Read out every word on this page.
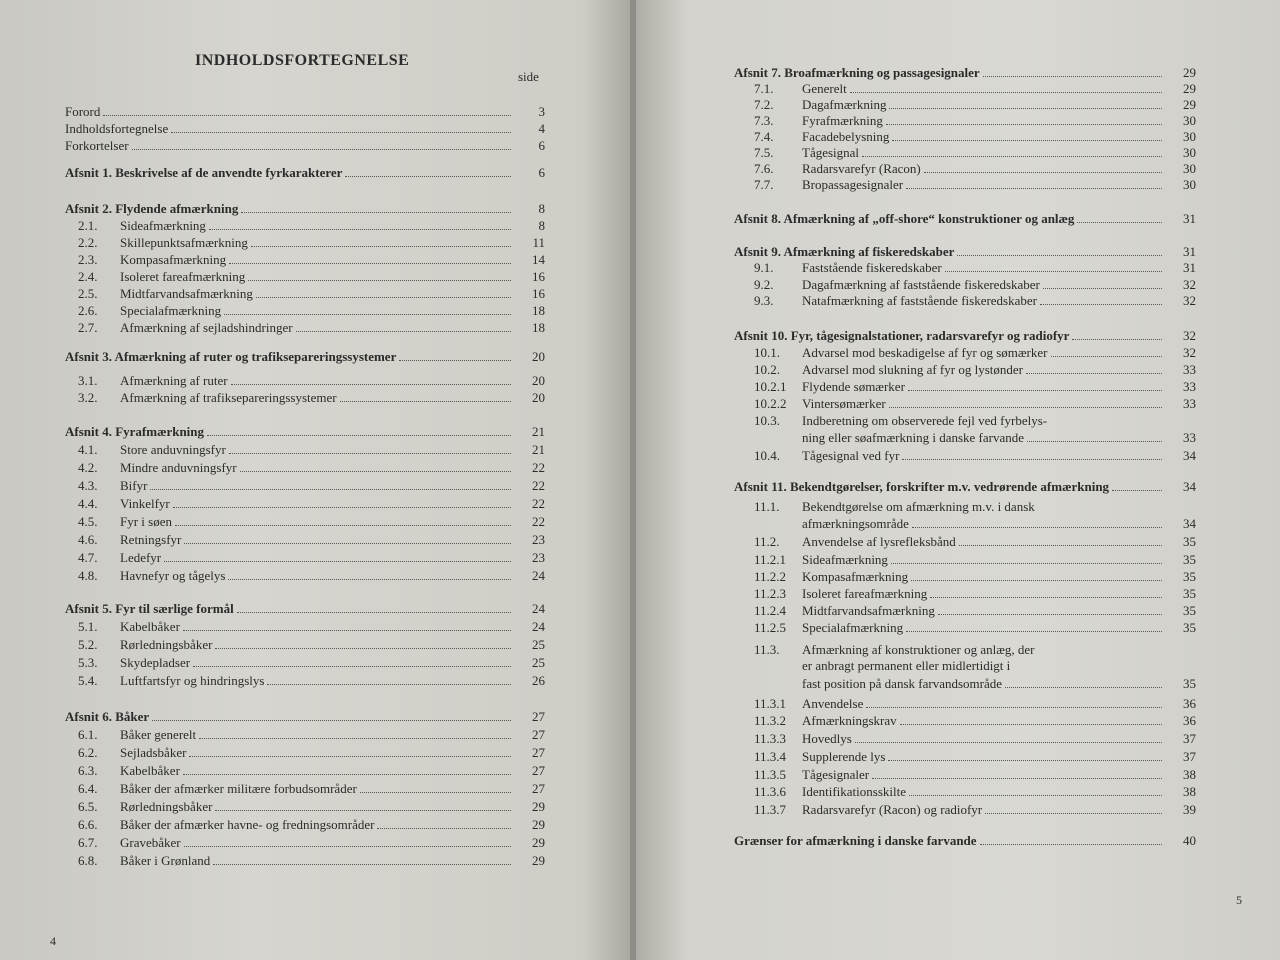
INDHOLDSFORTEGNELSE
side
Forord	3
Indholdsfortegnelse	4
Forkortelser	6
Afsnit 1. Beskrivelse af de anvendte fyrkarakterer	6
Afsnit 2. Flydende afmærkning	8
2.1. Sideafmærkning	8
2.2. Skillepunktsafmærkning	11
2.3. Kompasafmærkning	14
2.4. Isoleret fareafmærkning	16
2.5. Midtfarvandsafmærkning	16
2.6. Specialafmærkning	18
2.7. Afmærkning af sejladshindringer	18
Afsnit 3. Afmærkning af ruter og trafiksepareringssystemer	20
3.1. Afmærkning af ruter	20
3.2. Afmærkning af trafiksepareringssystemer	20
Afsnit 4. Fyrafmærkning	21
4.1. Store anduvningsfyr	21
4.2. Mindre anduvningsfyr	22
4.3. Bifyr	22
4.4. Vinkelfyr	22
4.5. Fyr i søen	22
4.6. Retningsfyr	23
4.7. Ledefyr	23
4.8. Havnefyr og tågelys	24
Afsnit 5. Fyr til særlige formål	24
5.1. Kabelbåker	24
5.2. Rørledningsbåker	25
5.3. Skydepladser	25
5.4. Luftfartsfyr og hindringslys	26
Afsnit 6. Båker	27
6.1. Båker generelt	27
6.2. Sejladsbåker	27
6.3. Kabelbåker	27
6.4. Båker der afmærker militære forbudsområder	27
6.5. Rørledningsbåker	29
6.6. Båker der afmærker havne- og fredningsområder	29
6.7. Gravebåker	29
6.8. Båker i Grønland	29
4
Afsnit 7. Broafmærkning og passagesignaler	29
7.1. Generelt	29
7.2. Dagafmærkning	29
7.3. Fyrafmærkning	30
7.4. Facadebelysning	30
7.5. Tågesignal	30
7.6. Radarsvarefyr (Racon)	30
7.7. Bropassagesignaler	30
Afsnit 8. Afmærkning af „off-shore“ konstruktioner og anlæg	31
Afsnit 9. Afmærkning af fiskeredskaber	31
9.1. Faststående fiskeredskaber	31
9.2. Dagafmærkning af faststående fiskeredskaber	32
9.3. Natafmærkning af faststående fiskeredskaber	32
Afsnit 10. Fyr, tågesignalstationer, radarsvarefyr og radiofyr	32
10.1. Advarsel mod beskadigelse af fyr og sømærker	32
10.2. Advarsel mod slukning af fyr og lystønder	33
10.2.1 Flydende sømærker	33
10.2.2 Vintersømærker	33
10.3. Indberetning om observerede fejl ved fyrbelys-
ning eller søafmærkning i danske farvande	33
10.4. Tågesignal ved fyr	34
Afsnit 11. Bekendtgørelser, forskrifter m.v. vedrørende afmærkning	34
11.1. Bekendtgørelse om afmærkning m.v. i dansk
afmærkningsområde	34
11.2. Anvendelse af lysrefleksbånd	35
11.2.1 Sideafmærkning	35
11.2.2 Kompasafmærkning	35
11.2.3 Isoleret fareafmærkning	35
11.2.4 Midtfarvandsafmærkning	35
11.2.5 Specialafmærkning	35
11.3. Afmærkning af konstruktioner og anlæg, der
er anbragt permanent eller midlertidigt i
fast position på dansk farvandsområde	35
11.3.1 Anvendelse	36
11.3.2 Afmærkningskrav	36
11.3.3 Hovedlys	37
11.3.4 Supplerende lys	37
11.3.5 Tågesignaler	38
11.3.6 Identifikationsskilte	38
11.3.7 Radarsvarefyr (Racon) og radiofyr	39
Grænser for afmærkning i danske farvande	40
5
